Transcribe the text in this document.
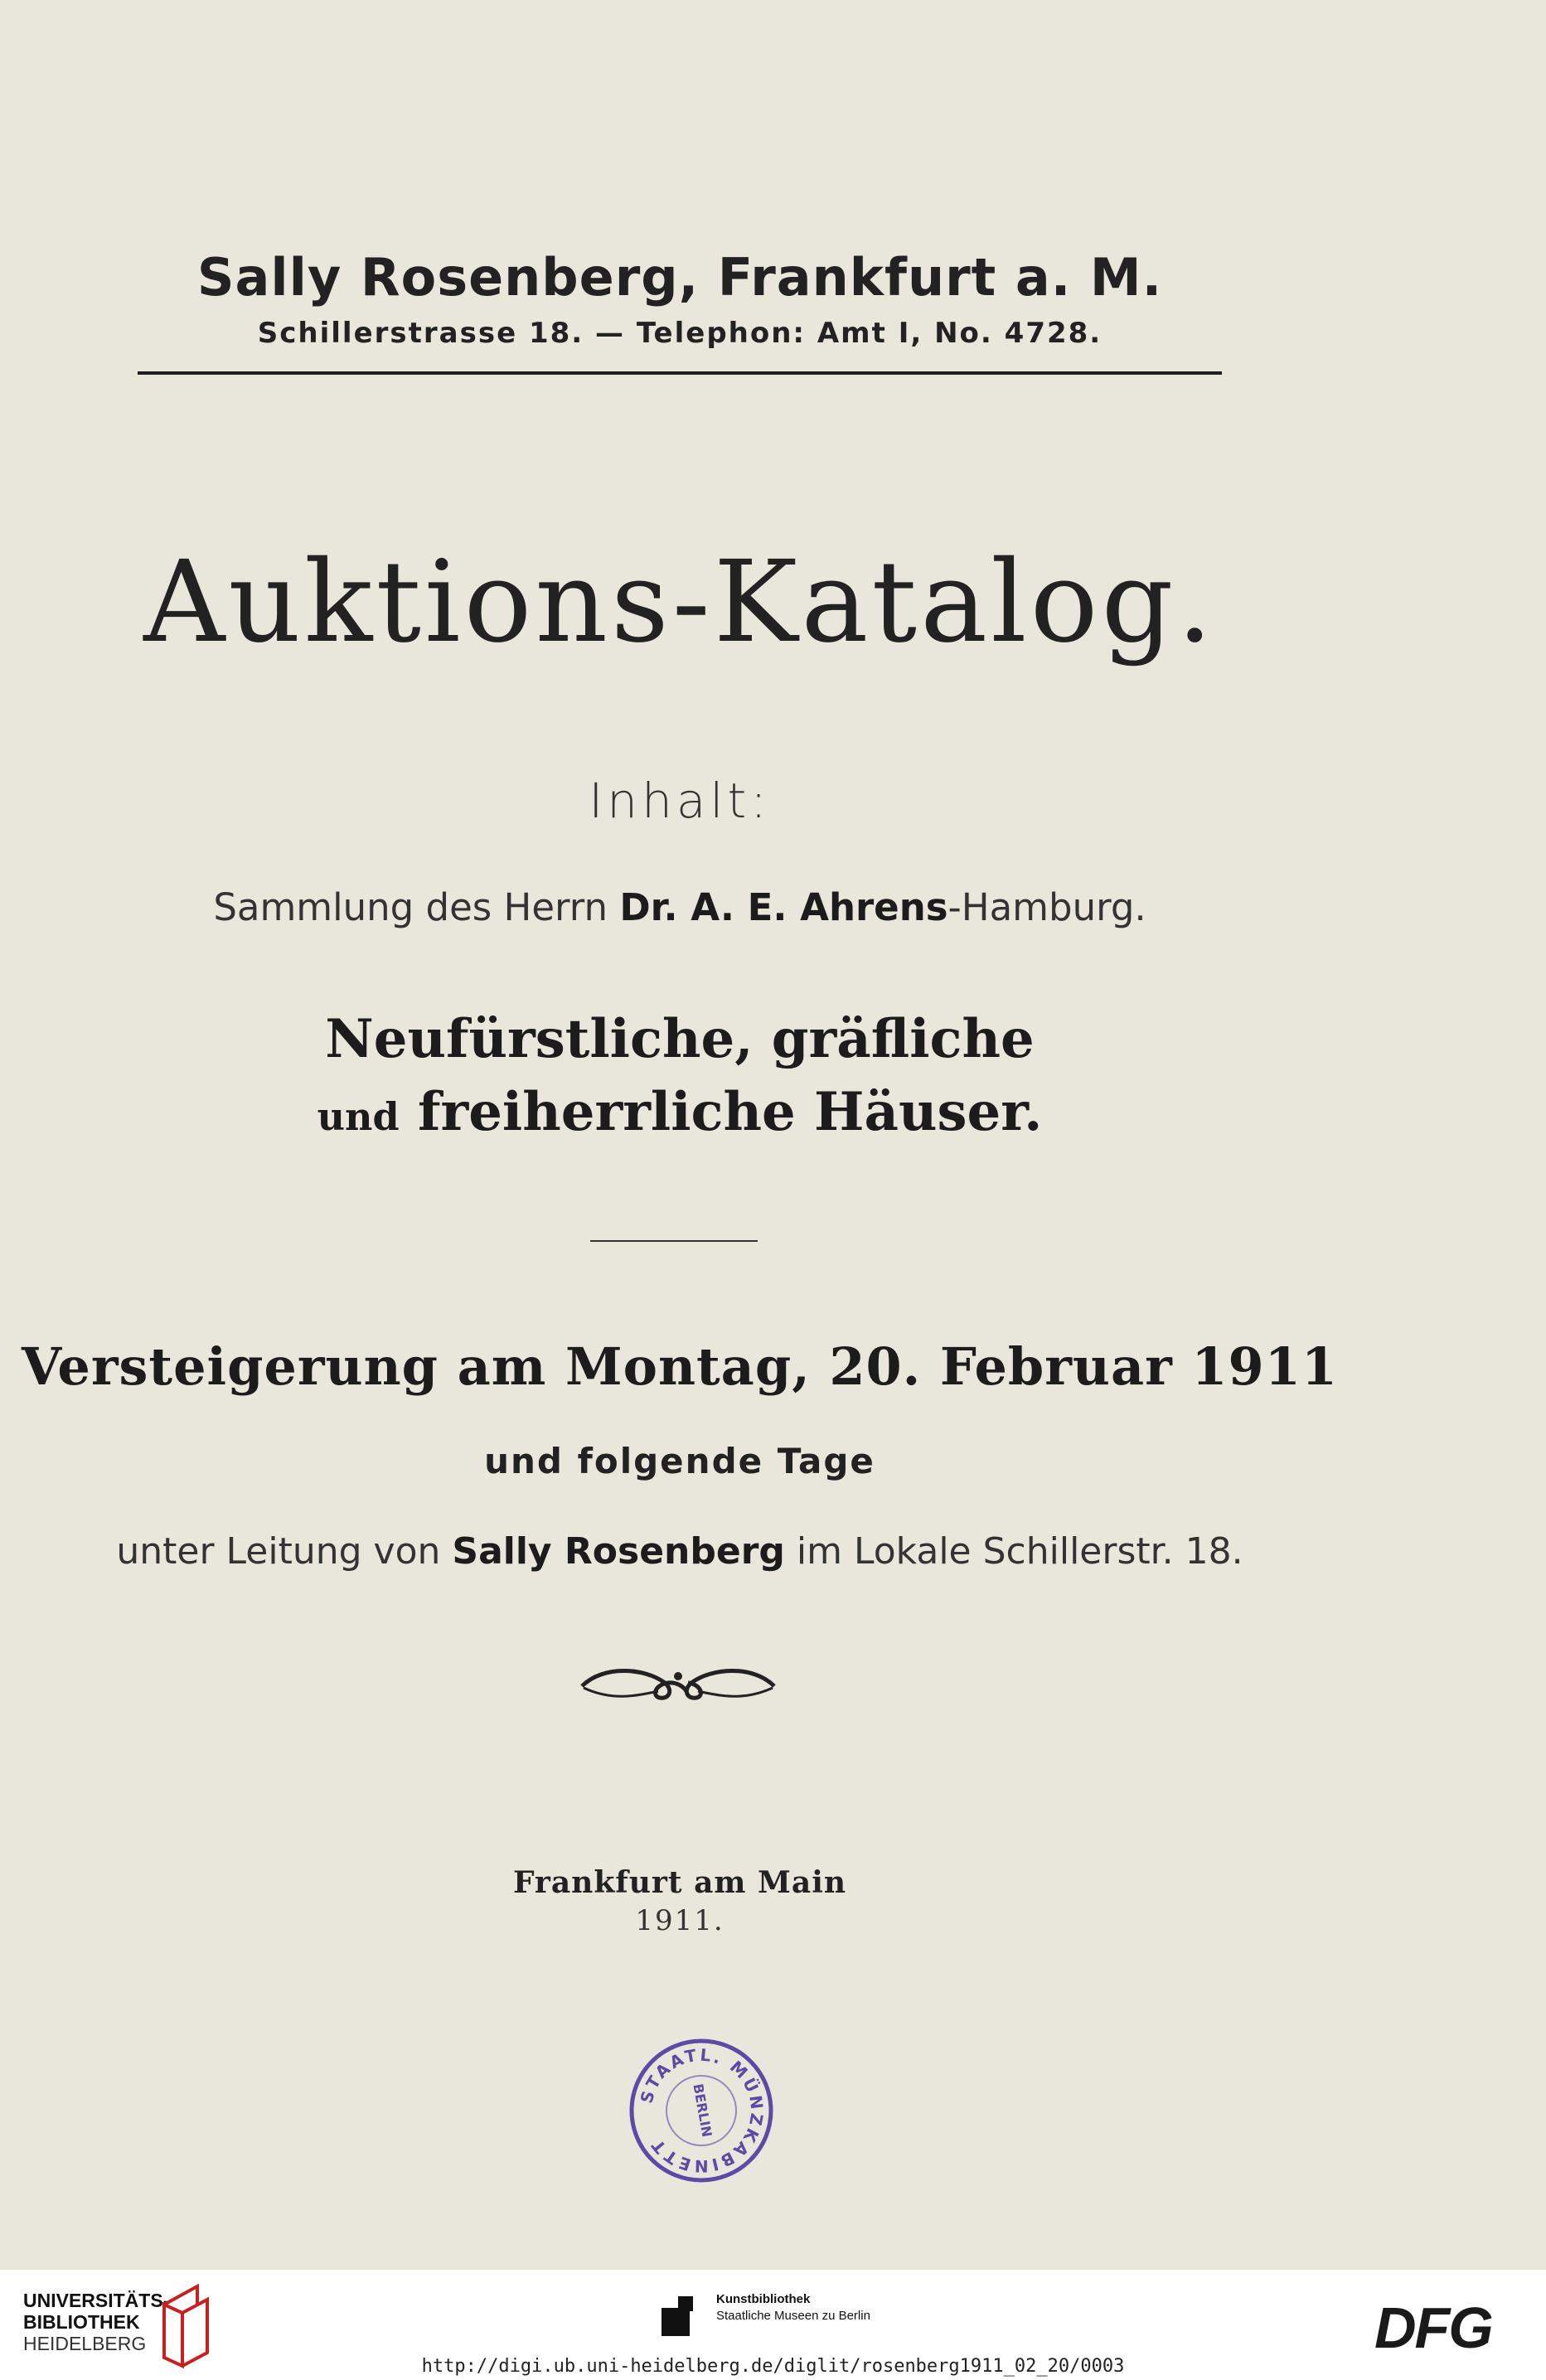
Sally Rosenberg, Frankfurt a. M.
Schillerstrasse 18. — Telephon: Amt I, No. 4728.
Auktions-Katalog.
Inhalt:
Sammlung des Herrn Dr. A. E. Ahrens-Hamburg.
Neufürstliche, gräfliche
und freiherrliche Häuser.
Versteigerung am Montag, 20. Februar 1911
und folgende Tage
unter Leitung von Sally Rosenberg im Lokale Schillerstr. 18.
Frankfurt am Main
1911.
STAATL. MÜNZKABINETT
BERLIN
UNIVERSITÄTS-
BIBLIOTHEK
HEIDELBERG
Kunstbibliothek
Staatliche Museen zu Berlin	DFG
http://digi.ub.uni-heidelberg.de/diglit/rosenberg1911_02_20/0003
